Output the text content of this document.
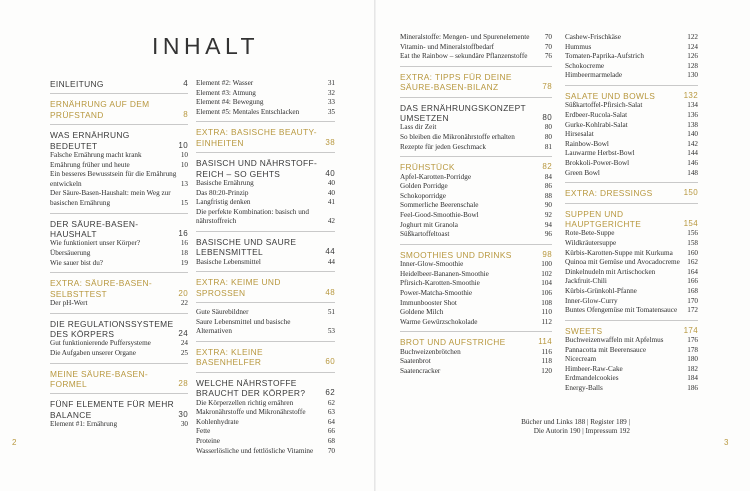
INHALT
EINLEITUNG	4
ERNÄHRUNG AUF DEM PRÜFSTAND	8
WAS ERNÄHRUNG BEDEUTET	10
Falsche Ernährung macht krank	10
Ernährung früher und heute	10
Ein besseres Bewusstsein für die Ernährung entwickeln	13
Der Säure-Basen-Haushalt: mein Weg zur basischen Ernährung	15
DER SÄURE-BASEN-HAUSHALT	16
Wie funktioniert unser Körper?	16
Übersäuerung	18
Wie sauer bist du?	19
EXTRA: SÄURE-BASEN-SELBSTTEST	20
Der pH-Wert	22
DIE REGULATIONSSYSTEME DES KÖRPERS	24
Gut funktionierende Puffersysteme	24
Die Aufgaben unserer Organe	25
MEINE SÄURE-BASEN-FORMEL	28
FÜNF ELEMENTE FÜR MEHR BALANCE	30
Element #1: Ernährung	30
Element #2: Wasser	31
Element #3: Atmung	32
Element #4: Bewegung	33
Element #5: Mentales Entschlacken	35
EXTRA: BASISCHE BEAUTY-EINHEITEN	38
BASISCH UND NÄHRSTOFF-REICH – SO GEHTS	40
Basische Ernährung	40
Das 80:20-Prinzip	40
Langfristig denken	41
Die perfekte Kombination: basisch und nährstoffreich	42
BASISCHE UND SAURE LEBENSMITTEL	44
Basische Lebensmittel	44
EXTRA: KEIME UND SPROSSEN	48
Gute Säurebildner	51
Saure Lebensmittel und basische Alternativen	53
EXTRA: KLEINE BASENHELFER	60
WELCHE NÄHRSTOFFE BRAUCHT DER KÖRPER?	62
Die Körperzellen richtig ernähren	62
Makronährstoffe und Mikronährstoffe	63
Kohlenhydrate	64
Fette	66
Proteine	68
Wasserlösliche und fettlösliche Vitamine	70
Mineralstoffe: Mengen- und Spurenelemente	70
Vitamin- und Mineralstoffbedarf	70
Eat the Rainbow – sekundäre Pflanzenstoffe	76
EXTRA: TIPPS FÜR DEINE SÄURE-BASEN-BILANZ	78
DAS ERNÄHRUNGSKONZEPT UMSETZEN	80
Lass dir Zeit	80
So bleiben die Mikronährstoffe erhalten	80
Rezepte für jeden Geschmack	81
FRÜHSTÜCK	82
Apfel-Karotten-Porridge	84
Golden Porridge	86
Schokoporridge	88
Sommerliche Beerenschale	90
Feel-Good-Smoothie-Bowl	92
Joghurt mit Granola	94
Süßkartoffeltoast	96
SMOOTHIES UND DRINKS	98
Inner-Glow-Smoothie	100
Heidelbeer-Bananen-Smoothie	102
Pfirsich-Karotten-Smoothie	104
Power-Matcha-Smoothie	106
Immunbooster Shot	108
Goldene Milch	110
Warme Gewürzschokolade	112
BROT UND AUFSTRICHE	114
Buchweizenbrötchen	116
Saatenbrot	118
Saatencracker	120
Cashew-Frischkäse	122
Hummus	124
Tomaten-Paprika-Aufstrich	126
Schokocreme	128
Himbeermarmelade	130
SALATE UND BOWLS	132
Süßkartoffel-Pfirsich-Salat	134
Erdbeer-Rucola-Salat	136
Gurke-Kohlrabi-Salat	138
Hirsesalat	140
Rainbow-Bowl	142
Lauwarme Herbst-Bowl	144
Brokkoli-Power-Bowl	146
Green Bowl	148
EXTRA: DRESSINGS	150
SUPPEN UND HAUPTGERICHTE	154
Rote-Bete-Suppe	156
Wildkräutersuppe	158
Kürbis-Karotten-Suppe mit Kurkuma	160
Quinoa mit Gemüse und Avocadocreme	162
Dinkelnudeln mit Artischocken	164
Jackfruit-Chili	166
Kürbis-Grünkohl-Pfanne	168
Inner-Glow-Curry	170
Buntes Ofengemüse mit Tomatensauce	172
SWEETS	174
Buchweizenwaffeln mit Apfelmus	176
Pannacotta mit Beerensauce	178
Nicecream	180
Himbeer-Raw-Cake	182
Erdmandelcookies	184
Energy-Balls	186
Bücher und Links 188 | Register 189 |
Die Autorin 190 | Impressum 192
2	3
